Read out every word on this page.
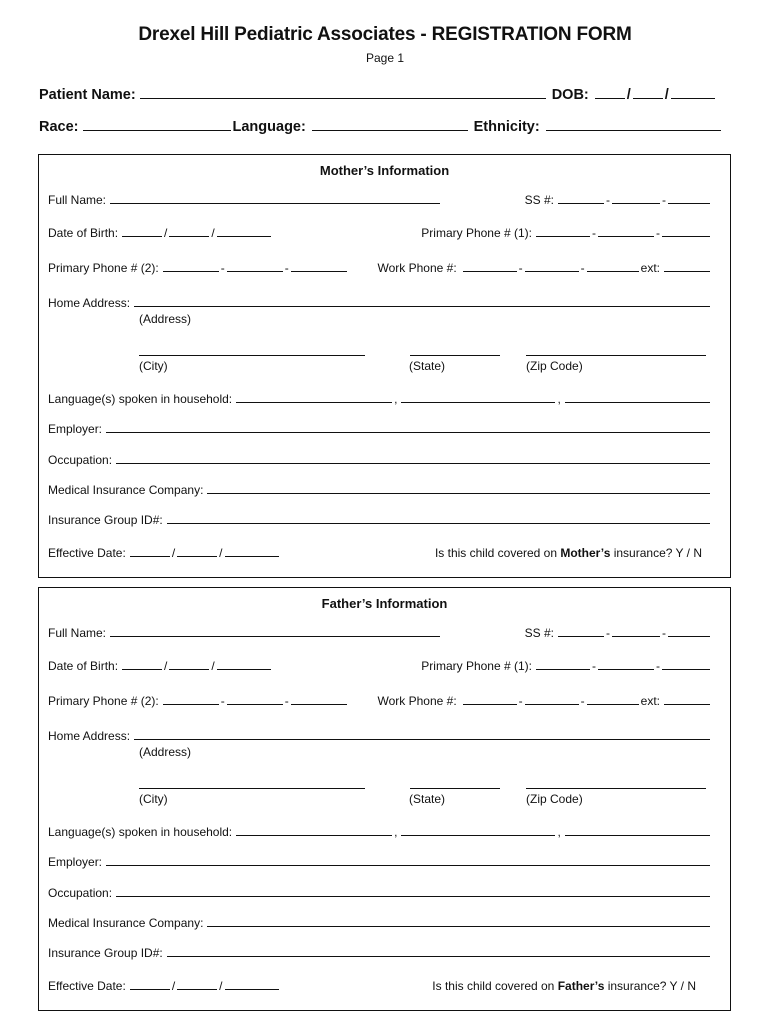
Drexel Hill Pediatric Associates - REGISTRATION FORM
Page 1
Patient Name:	DOB:	/
/
Race:	Language:	Ethnicity:
Mother’s Information
Full Name:	SS #:	-	-
Date of Birth:	/	/	Primary Phone # (1):	-	-
Primary Phone # (2):	-	-	Work Phone #:	-	-	ext:
Home Address:
(Address)
(City)	(State)	(Zip Code)
Language(s) spoken in household:	,	,
Employer:
Occupation:
Medical Insurance Company:
Insurance Group ID#:
Effective Date:	/	/	Is this child covered on
Mother’s
insurance? Y / N
Father’s Information
Full Name:	SS #:	-	-
Date of Birth:	/	/	Primary Phone # (1):	-	-
Primary Phone # (2):	-	-	Work Phone #:	-	-	ext:
Home Address:
(Address)
(City)	(State)	(Zip Code)
Language(s) spoken in household:	,	,
Employer:
Occupation:
Medical Insurance Company:
Insurance Group ID#:
Effective Date:	/	/	Is this child covered on
Father’s
insurance? Y / N
